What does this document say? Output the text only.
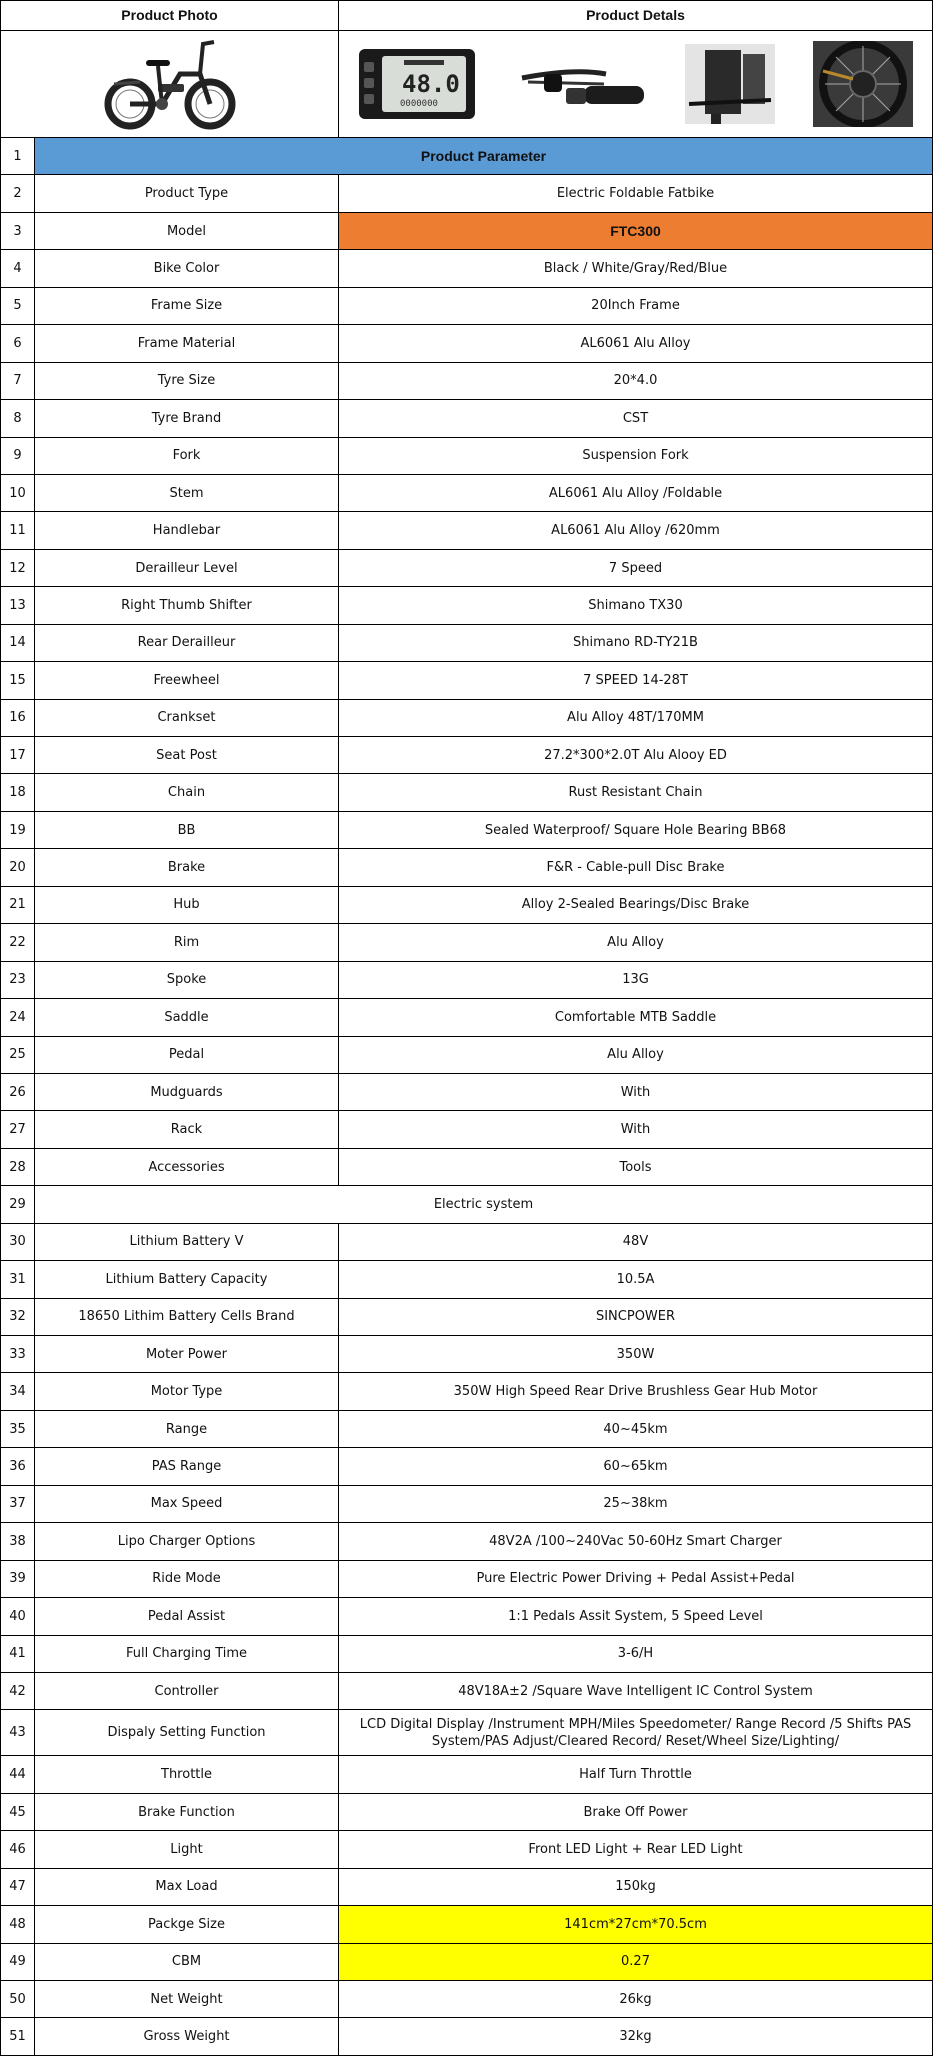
Product Photo		Product Detals

48.0
0000000

1	Product Parameter	
2	Product Type	Electric Foldable Fatbike
3	Model	FTC300
4	Bike Color	Black / White/Gray/Red/Blue
5	Frame Size	20Inch Frame
6	Frame Material	AL6061 Alu Alloy
7	Tyre Size	20*4.0
8	Tyre Brand	CST
9	Fork	Suspension Fork
10	Stem	AL6061 Alu Alloy /Foldable
11	Handlebar	AL6061 Alu Alloy /620mm
12	Derailleur Level	7 Speed
13	Right Thumb Shifter	Shimano TX30
14	Rear Derailleur	Shimano RD-TY21B
15	Freewheel	7 SPEED 14-28T
16	Crankset	Alu Alloy 48T/170MM
17	Seat Post	27.2*300*2.0T Alu Alooy ED
18	Chain	Rust Resistant Chain
19	BB	Sealed Waterproof/ Square Hole Bearing BB68
20	Brake	F&R - Cable-pull Disc Brake
21	Hub	Alloy 2-Sealed Bearings/Disc Brake
22	Rim	Alu Alloy
23	Spoke	13G
24	Saddle	Comfortable MTB Saddle
25	Pedal	Alu Alloy
26	Mudguards	With
27	Rack	With
28	Accessories	Tools
29	Electric system	
30	Lithium Battery V	48V
31	Lithium Battery Capacity	10.5A
32	18650 Lithim Battery Cells Brand	SINCPOWER
33	Moter Power	350W
34	Motor Type	350W High Speed Rear Drive Brushless Gear Hub Motor
35	Range	40~45km
36	PAS Range	60~65km
37	Max Speed	25~38km
38	Lipo Charger Options	48V2A /100~240Vac 50-60Hz Smart Charger
39	Ride Mode	Pure Electric Power Driving + Pedal Assist+Pedal
40	Pedal Assist	1:1 Pedals Assit System, 5 Speed Level
41	Full Charging Time	3-6/H
42	Controller	48V18A±2 /Square Wave Intelligent IC Control System
43	Dispaly Setting Function	LCD Digital Display /Instrument MPH/Miles Speedometer/ Range Record /5 Shifts PAS System/PAS Adjust/Cleared Record/ Reset/Wheel Size/Lighting/
44	Throttle	Half Turn Throttle
45	Brake Function	Brake Off Power
46	Light	Front LED Light + Rear LED Light
47	Max Load	150kg
48	Packge Size	141cm*27cm*70.5cm
49	CBM	0.27
50	Net Weight	26kg
51	Gross Weight	32kg
